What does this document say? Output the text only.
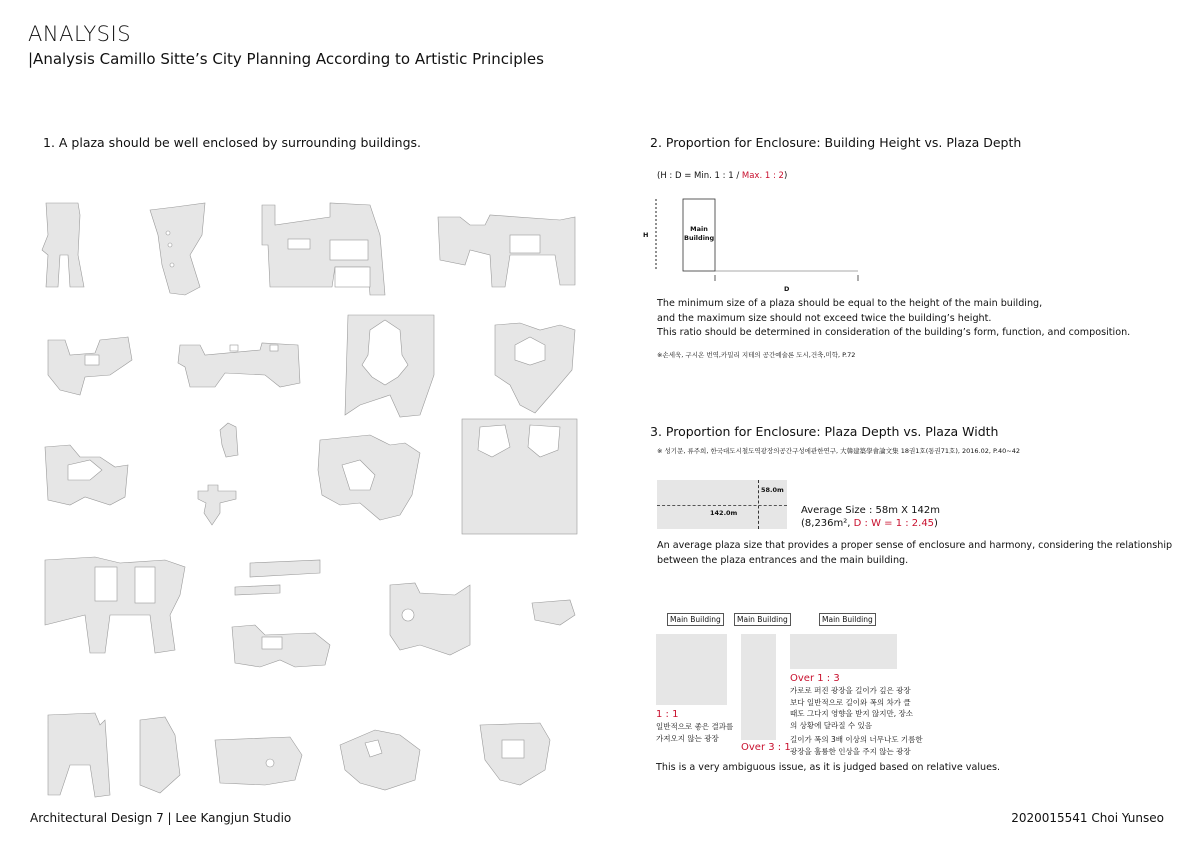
ANALYSIS
|Analysis Camillo Sitte’s City Planning According to Artistic Principles
1. A plaza should be well enclosed by surrounding buildings.	2. Proportion for Enclosure: Building Height vs. Plaza Depth
(H : D = Min. 1 : 1 / Max. 1 : 2)
H
Main
Building
D
The minimum size of a plaza should be equal to the height of the main building,
and the maximum size should not exceed twice the building’s height.
This ratio should be determined in consideration of the building’s form, function, and composition.
※손세욱, 구시온 번역,카밀리 지테의 공간예술론 도시,건축,미학, P.72
3. Proportion for Enclosure: Plaza Depth vs. Plaza Width
※ 성기문, 류주희, 한국대도시철도역광장의공간구성에관한연구, 大韓建築學會論文集 18권1호(통권71호), 2016.02, P.40~42
142.0m
58.0m
Average Size : 58m X 142m
(8,236m², D : W = 1 : 2.45)
An average plaza size that provides a proper sense of enclosure and harmony, considering the relationship
between the plaza entrances and the main building.
Main Building	Main Building	Main Building
1 : 1
일반적으로 좋은 결과를
가져오지 않는 광장
Over 3 : 1
Over 1 : 3
가로로 퍼진 광장을 길이가 깊은 광장
보다 일반적으로 길이와 폭의 차가 클
때도 그다지 영향을 받지 않지만, 장소
의 상황에 달라질 수 있음
길이가 폭의 3배 이상의 너무나도 기름한
광장을 훌륭한 인상을 주지 않는 광장
This is a very ambiguous issue, as it is judged based on relative values.
Architectural Design 7 | Lee Kangjun Studio	2020015541 Choi Yunseo
